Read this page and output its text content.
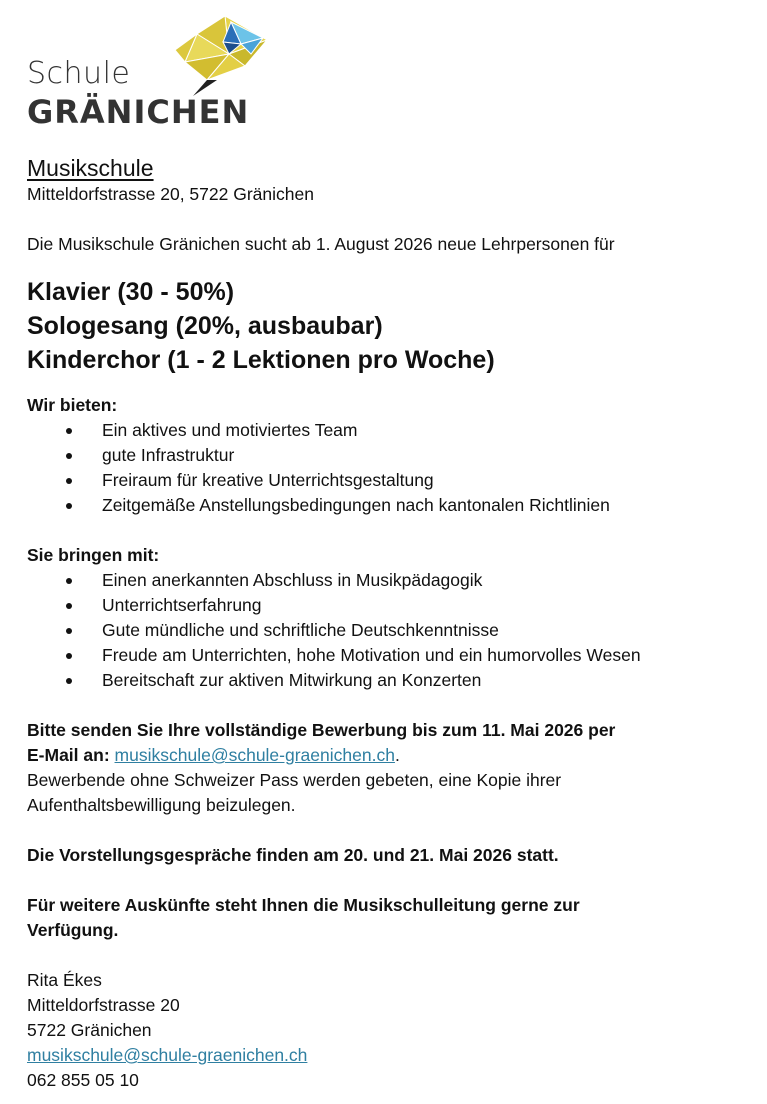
Schule
GRÄNICHEN
Musikschule

Mitteldorfstrasse 20, 5722 Gränichen

Die Musikschule Gränichen sucht ab 1. August 2026 neue Lehrpersonen für

Klavier (30 - 50%)

Sologesang (20%, ausbaubar)

Kinderchor (1 - 2 Lektionen pro Woche)

Wir bieten:

Ein aktives und motiviertes Team
gute Infrastruktur
Freiraum für kreative Unterrichtsgestaltung
Zeitgemäße Anstellungsbedingungen nach kantonalen Richtlinien

Sie bringen mit:

Einen anerkannten Abschluss in Musikpädagogik
Unterrichtserfahrung
Gute mündliche und schriftliche Deutschkenntnisse
Freude am Unterrichten, hohe Motivation und ein humorvolles Wesen
Bereitschaft zur aktiven Mitwirkung an Konzerten

Bitte senden Sie Ihre vollständige Bewerbung bis zum 11. Mai 2026 per

E-Mail an: musikschule@schule-graenichen.ch.

Bewerbende ohne Schweizer Pass werden gebeten, eine Kopie ihrer

Aufenthaltsbewilligung beizulegen.

Die Vorstellungsgespräche finden am 20. und 21. Mai 2026 statt.

Für weitere Auskünfte steht Ihnen die Musikschulleitung gerne zur

Verfügung.

Rita Ékes

Mitteldorfstrasse 20

5722 Gränichen

musikschule@schule-graenichen.ch

062 855 05 10
